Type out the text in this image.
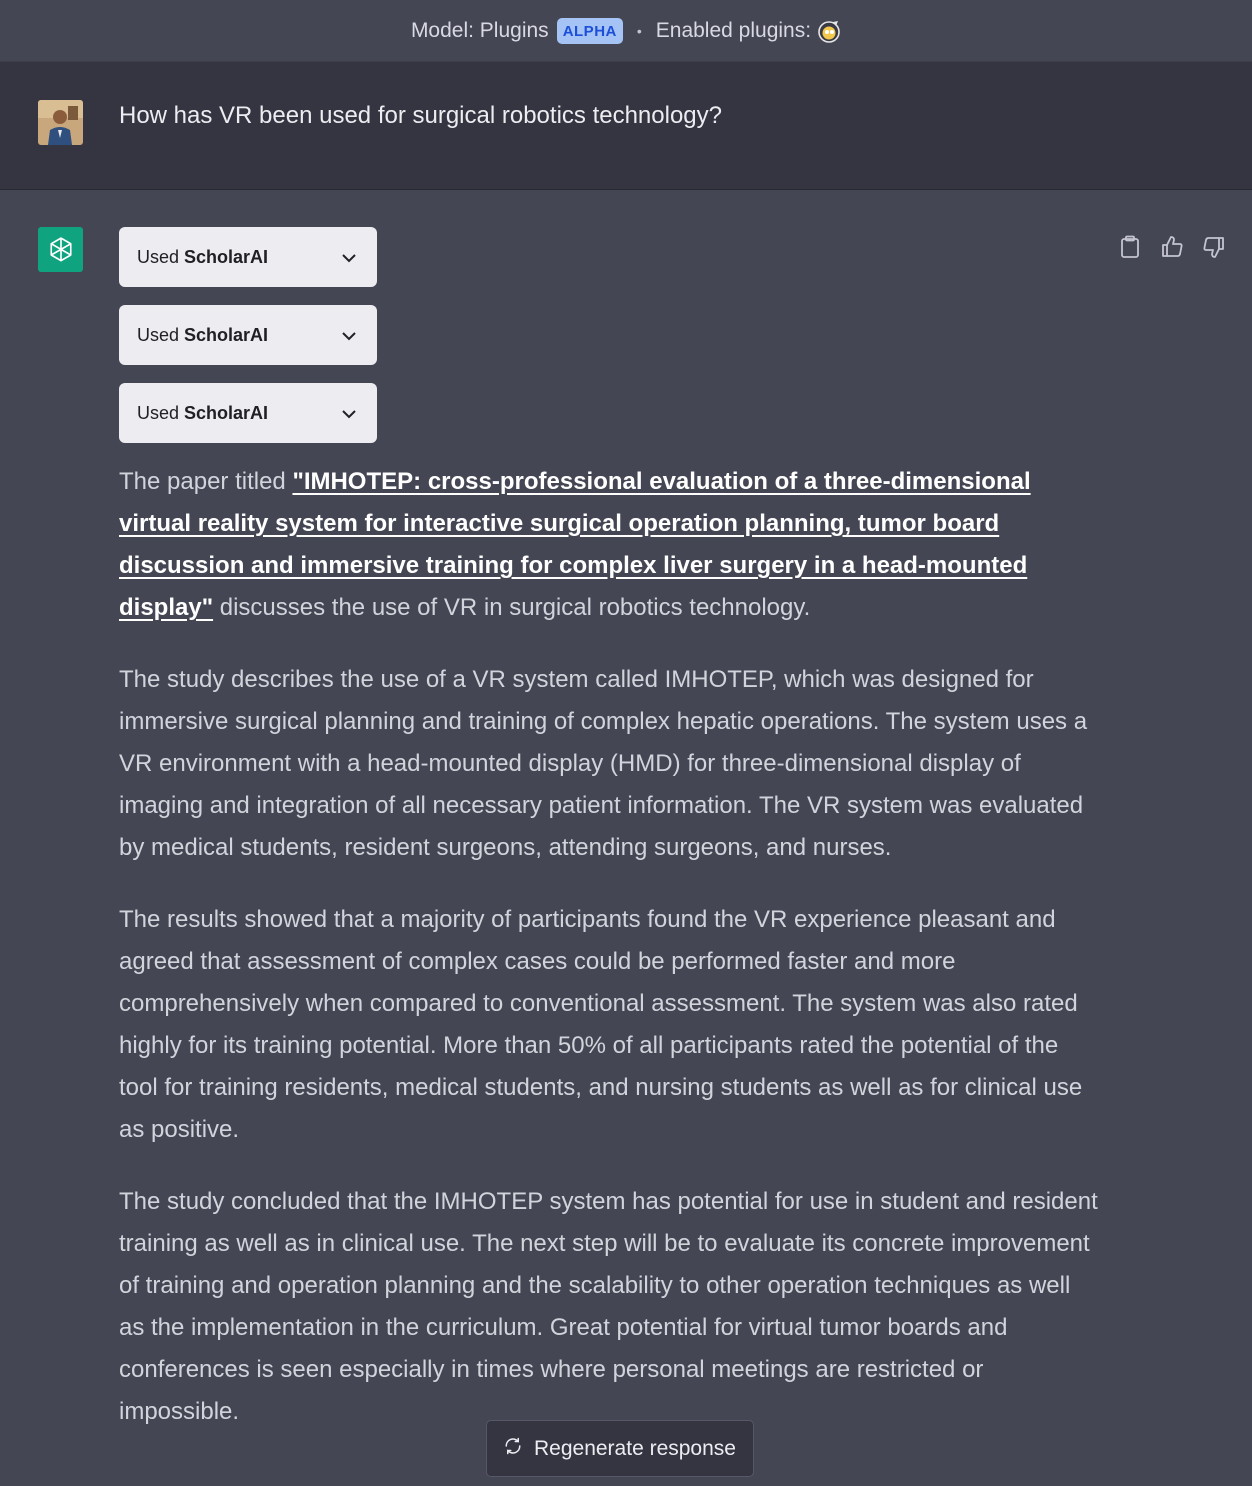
Model: Plugins ALPHA	• Enabled plugins:
How has VR been used for surgical robotics technology?
Used ScholarAI
Used ScholarAI
Used ScholarAI

The paper titled "IMHOTEP: cross-professional evaluation of a three-dimensional virtual reality system for interactive surgical operation planning, tumor board discussion and immersive training for complex liver surgery in a head-mounted display" discusses the use of VR in surgical robotics technology.

The study describes the use of a VR system called IMHOTEP, which was designed for immersive surgical planning and training of complex hepatic operations. The system uses a VR environment with a head-mounted display (HMD) for three-dimensional display of imaging and integration of all necessary patient information. The VR system was evaluated by medical students, resident surgeons, attending surgeons, and nurses.

The results showed that a majority of participants found the VR experience pleasant and agreed that assessment of complex cases could be performed faster and more comprehensively when compared to conventional assessment. The system was also rated highly for its training potential. More than 50% of all participants rated the potential of the tool for training residents, medical students, and nursing students as well as for clinical use as positive.

The study concluded that the IMHOTEP system has potential for use in student and resident training as well as in clinical use. The next step will be to evaluate its concrete improvement of training and operation planning and the scalability to other operation techniques as well as the implementation in the curriculum. Great potential for virtual tumor boards and conferences is seen especially in times where personal meetings are restricted or impossible.

Regenerate response
